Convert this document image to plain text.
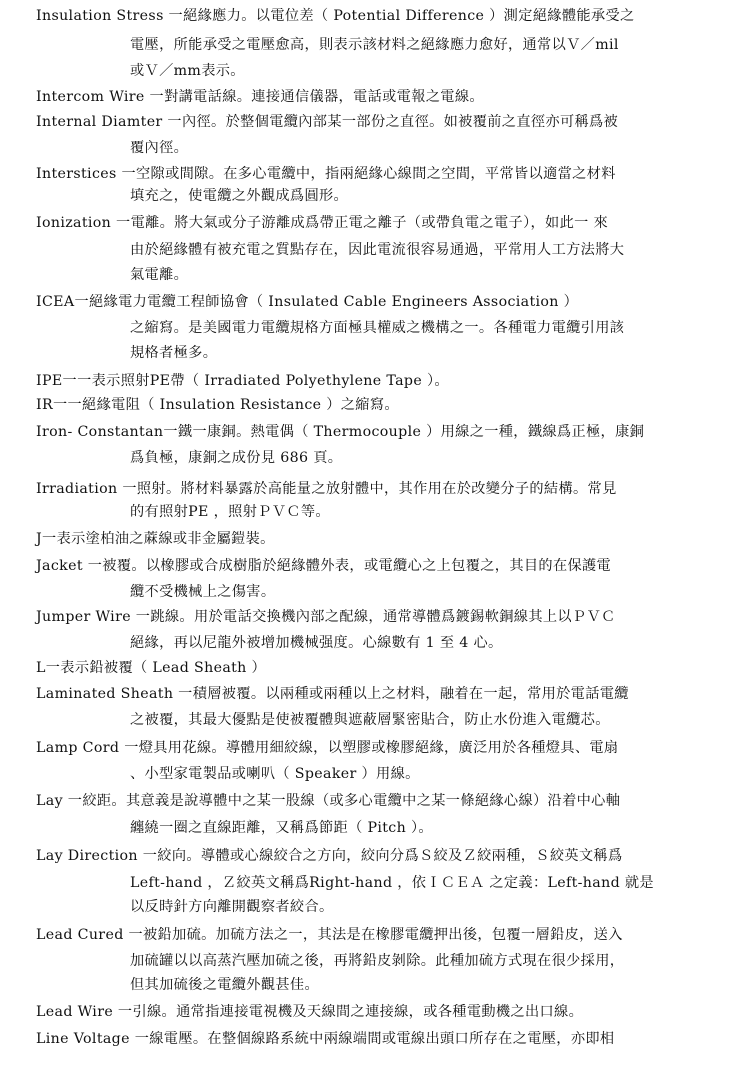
Insulation Stress 一絕緣應力。以電位差（ Potential Difference ）測定絕緣體能承受之
電壓，所能承受之電壓愈高，則表示該材料之絕緣應力愈好，通常以Ｖ／mil
或Ｖ／mm表示。
Intercom Wire 一對講電話線。連接通信儀器，電話或電報之電線。
Internal Diamter 一內徑。於整個電纜內部某一部份之直徑。如被覆前之直徑亦可稱爲被
覆內徑。
Interstices 一空隙或間隙。在多心電纜中，指兩絕緣心線間之空間，平常皆以適當之材料
填充之，使電纜之外觀成爲圓形。
Ionization 一電離。將大氣或分子游離成爲帶正電之離子（或帶負電之電子），如此一 來
由於絕緣體有被充電之質點存在，因此電流很容易通過，平常用人工方法將大
氣電離。
ICEA一絕緣電力電纜工程師協會（ Insulated Cable Engineers Association ）
之縮寫。是美國電力電纜規格方面極具權威之機構之一。各種電力電纜引用該
規格者極多。
IPE一一表示照射PE帶（ Irradiated Polyethylene Tape ）。
IR一一絕緣電阻（ Insulation Resistance ）之縮寫。
Iron- Constantan一鐵一康銅。熱電偶（ Thermocouple ）用線之一種，鐵線爲正極，康銅
爲負極，康銅之成份見 686 頁。
Irradiation 一照射。將材料暴露於高能量之放射體中，其作用在於改變分子的結構。常見
的有照射PE ，照射ＰＶＣ等。
J一表示塗柏油之蔴線或非金屬鎧裝。
Jacket 一被覆。以橡膠或合成樹脂於絕緣體外表，或電纜心之上包覆之，其目的在保護電
纜不受機械上之傷害。
Jumper Wire 一跳線。用於電話交換機內部之配線，通常導體爲鍍錫軟銅線其上以ＰＶＣ
絕緣，再以尼龍外被增加機械强度。心線數有 1 至 4 心。
L一表示鉛被覆（ Lead Sheath ）
Laminated Sheath 一積層被覆。以兩種或兩種以上之材料，融着在一起，常用於電話電纜
之被覆，其最大優點是使被覆體與遮蔽層緊密貼合，防止水份進入電纜芯。
Lamp Cord 一燈具用花線。導體用細絞線，以塑膠或橡膠絕緣，廣泛用於各種燈具、電扇
、小型家電製品或喇叭（ Speaker ）用線。
Lay 一絞距。其意義是說導體中之某一股線（或多心電纜中之某一條絕緣心線）沿着中心軸
纏繞一圈之直線距離，又稱爲節距（ Pitch ）。
Lay Direction 一絞向。導體或心線絞合之方向，絞向分爲Ｓ絞及Ｚ絞兩種，Ｓ絞英文稱爲
Left-hand ，Ｚ絞英文稱爲Right-hand ，依ＩＣＥＡ 之定義：Left-hand 就是
以反時針方向離開觀察者絞合。
Lead Cured 一被鉛加硫。加硫方法之一，其法是在橡膠電纜押出後，包覆一層鉛皮，送入
加硫罐以以高蒸汽壓加硫之後，再將鉛皮剝除。此種加硫方式現在很少採用，
但其加硫後之電纜外觀甚佳。
Lead Wire 一引線。通常指連接電視機及天線間之連接線，或各種電動機之出口線。
Line Voltage 一線電壓。在整個線路系統中兩線端間或電線出頭口所存在之電壓，亦即相
